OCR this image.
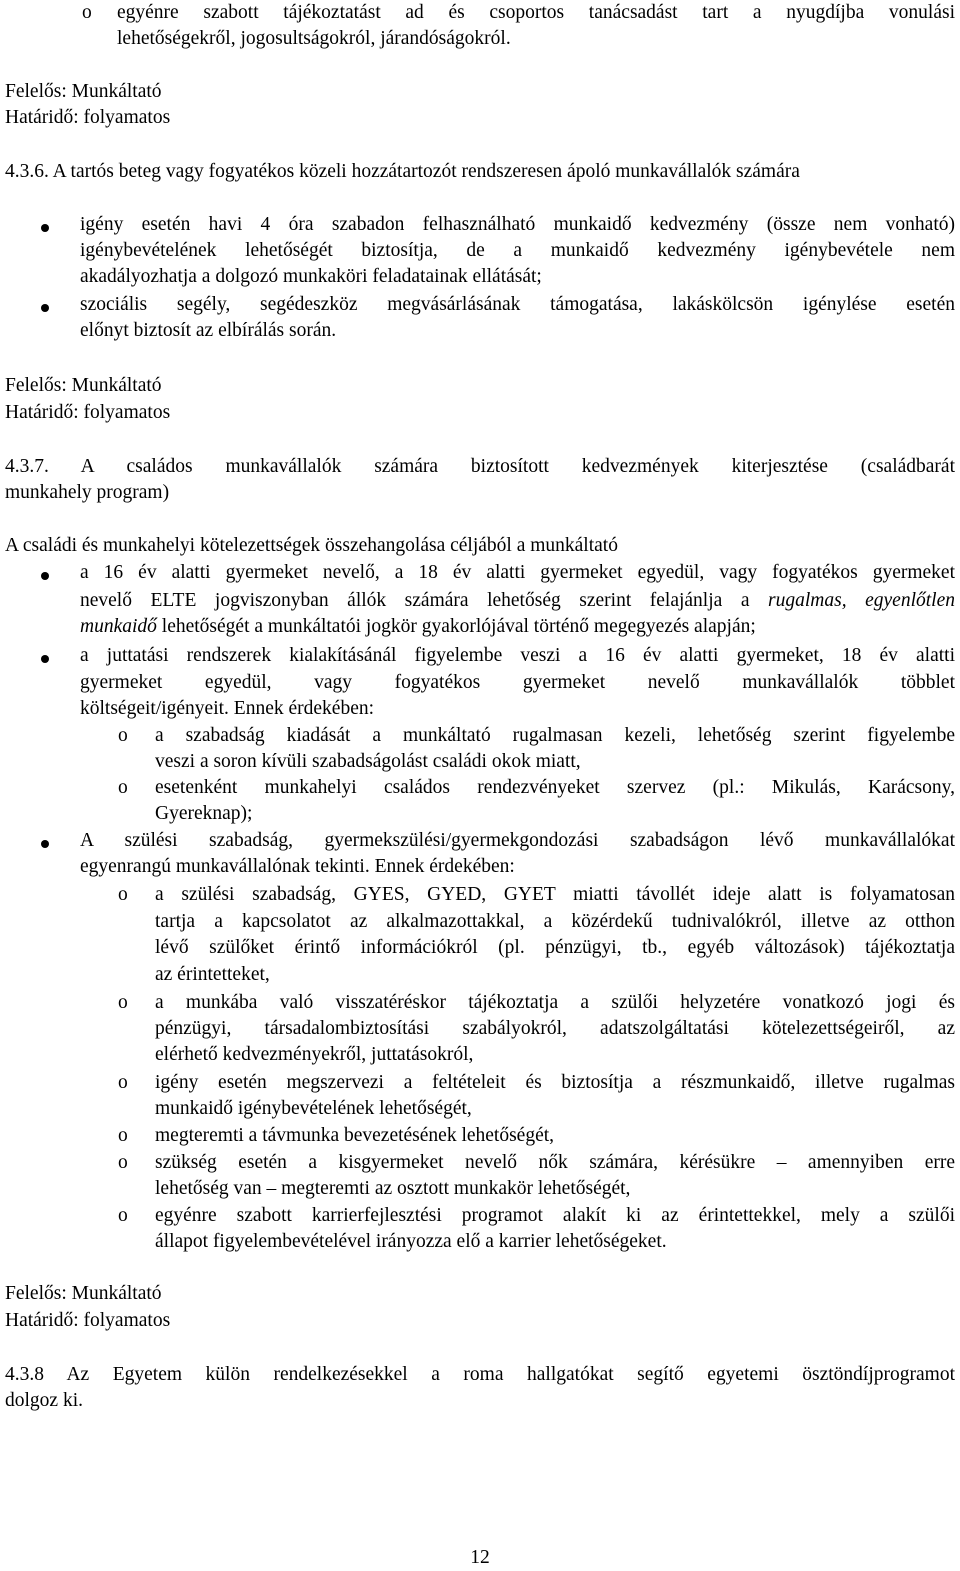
o egyénre szabott tájékoztatást ad és csoportos tanácsadást tart a nyugdíjba vonulási
lehetőségekről, jogosultságokról, járandóságokról.
Felelős: Munkáltató
Határidő: folyamatos
4.3.6. A tartós beteg vagy fogyatékos közeli hozzátartozót rendszeresen ápoló munkavállalók számára
igény esetén havi 4 óra szabadon felhasználható munkaidő kedvezmény (össze nem vonható)
igénybevételének lehetőségét biztosítja, de a munkaidő kedvezmény igénybevétele nem
akadályozhatja a dolgozó munkaköri feladatainak ellátását;
szociális segély, segédeszköz megvásárlásának támogatása, lakáskölcsön igénylése esetén
előnyt biztosít az elbírálás során.
Felelős: Munkáltató
Határidő: folyamatos
4.3.7. A családos munkavállalók számára biztosított kedvezmények kiterjesztése (családbarát
munkahely program)
A családi és munkahelyi kötelezettségek összehangolása céljából a munkáltató
a 16 év alatti gyermeket nevelő, a 18 év alatti gyermeket egyedül, vagy fogyatékos gyermeket
nevelő ELTE jogviszonyban állók számára lehetőség szerint felajánlja a rugalmas, egyenlőtlen
munkaidő lehetőségét a munkáltatói jogkör gyakorlójával történő megegyezés alapján;
a juttatási rendszerek kialakításánál figyelembe veszi a 16 év alatti gyermeket, 18 év alatti
gyermeket egyedül, vagy fogyatékos gyermeket nevelő munkavállalók többlet
költségeit/igényeit. Ennek érdekében:
o a szabadság kiadását a munkáltató rugalmasan kezeli, lehetőség szerint figyelembe
veszi a soron kívüli szabadságolást családi okok miatt,
o esetenként munkahelyi családos rendezvényeket szervez (pl.: Mikulás, Karácsony,
Gyereknap);
A szülési szabadság, gyermekszülési/gyermekgondozási szabadságon lévő munkavállalókat
egyenrangú munkavállalónak tekinti. Ennek érdekében:
o a szülési szabadság, GYES, GYED, GYET miatti távollét ideje alatt is folyamatosan
tartja a kapcsolatot az alkalmazottakkal, a közérdekű tudnivalókról, illetve az otthon
lévő szülőket érintő információkról (pl. pénzügyi, tb., egyéb változások) tájékoztatja
az érintetteket,
o a munkába való visszatéréskor tájékoztatja a szülői helyzetére vonatkozó jogi és
pénzügyi, társadalombiztosítási szabályokról, adatszolgáltatási kötelezettségeiről, az
elérhető kedvezményekről, juttatásokról,
o igény esetén megszervezi a feltételeit és biztosítja a részmunkaidő, illetve rugalmas
munkaidő igénybevételének lehetőségét,
o megteremti a távmunka bevezetésének lehetőségét,
o szükség esetén a kisgyermeket nevelő nők számára, kérésükre – amennyiben erre
lehetőség van – megteremti az osztott munkakör lehetőségét,
o egyénre szabott karrierfejlesztési programot alakít ki az érintettekkel, mely a szülői
állapot figyelembevételével irányozza elő a karrier lehetőségeket.
Felelős: Munkáltató
Határidő: folyamatos
4.3.8 Az Egyetem külön rendelkezésekkel a roma hallgatókat segítő egyetemi ösztöndíjprogramot
dolgoz ki.
12
